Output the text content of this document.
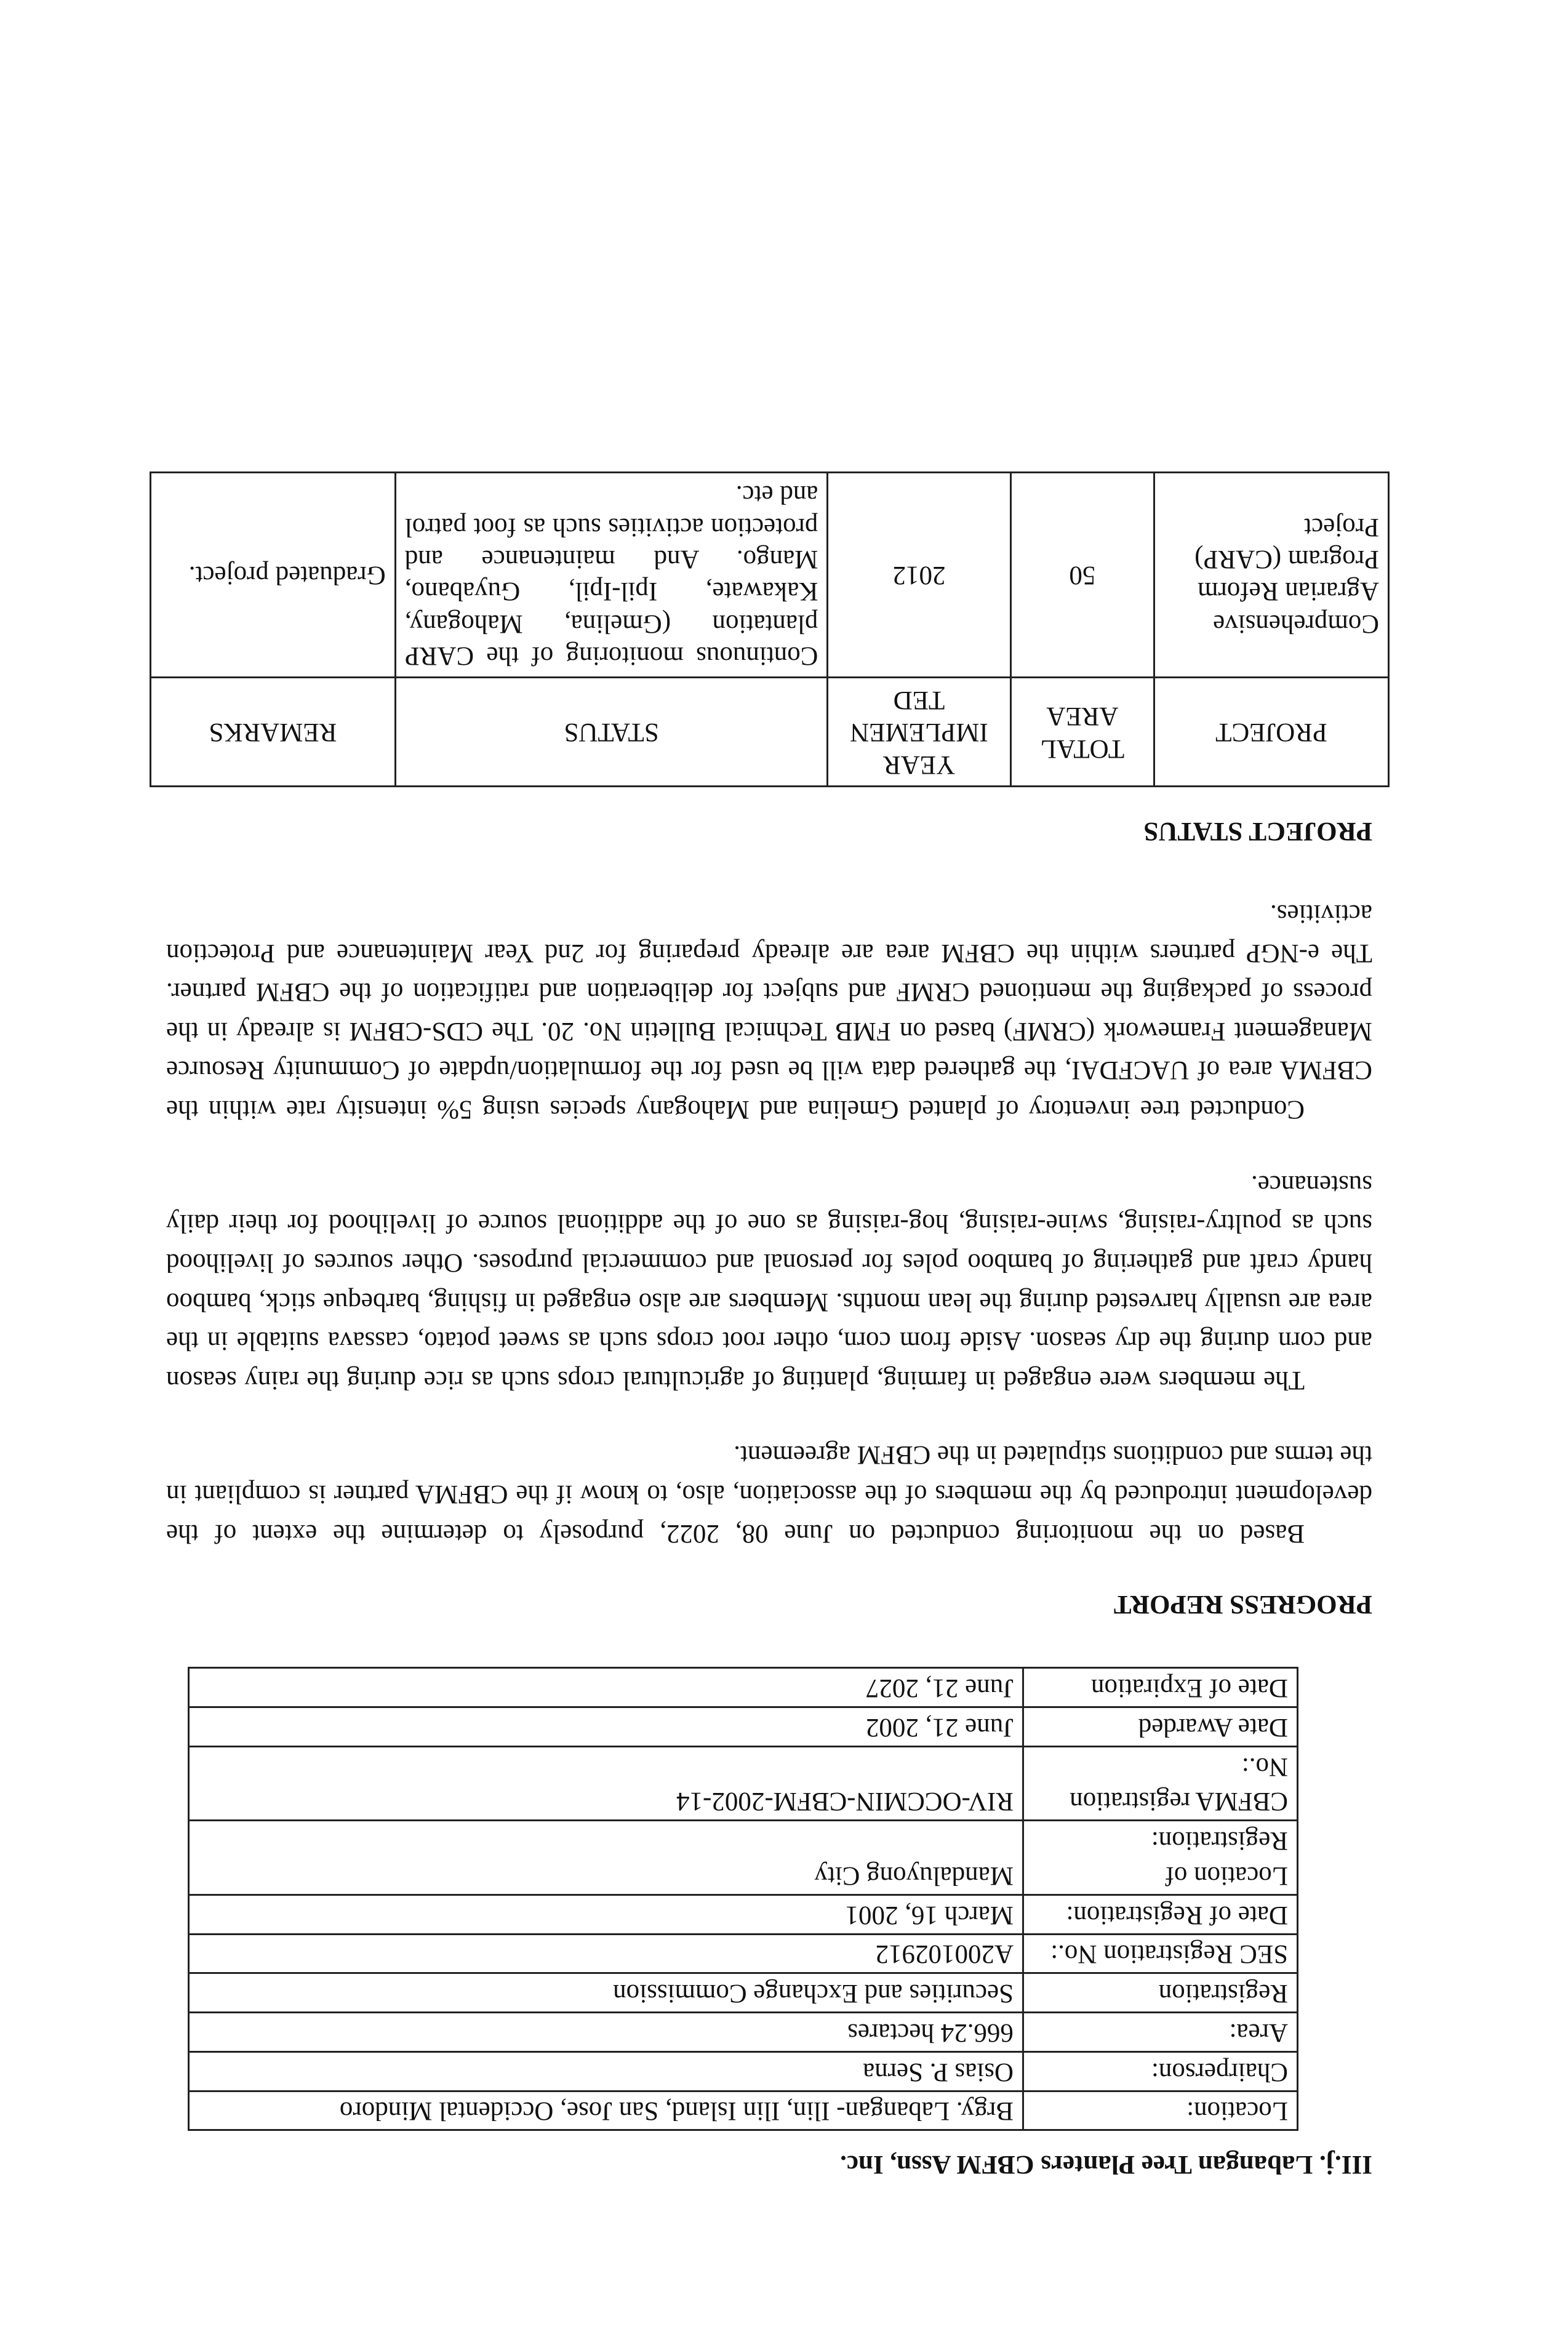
III.j. Labangan Tree Planters CBFM Assn, Inc.

Location:	Brgy. Labangan- Ilin, Ilin Island, San Jose, Occidental Mindoro
Chairperson:	Osias P. Serna
Area:	666.24 hectares
Registration	Securities and Exchange Commission
SEC Registration No.:	A200102912
Date of Registration:	March 16, 2001
Location of Registration:	Mandaluyong City
CBFMA registration No.:	RIV-OCCMIN-CBFM-2002-14
Date Awarded	June 21, 2002
Date of Expiration	June 21, 2027

PROGRESS REPORT

Based on the monitoring conducted on June 08, 2022, purposely to determine the extent of the development introduced by the members of the association, also, to know if the CBFMA partner is compliant in the terms and conditions stipulated in the CBFM agreement.

The members were engaged in farming, planting of agricultural crops such as rice during the rainy season and corn during the dry season. Aside from corn, other root crops such as sweet potato, cassava suitable in the area are usually harvested during the lean months. Members are also engaged in fishing, barbeque stick, bamboo handy craft and gathering of bamboo poles for personal and commercial purposes. Other sources of livelihood such as poultry-raising, swine-raising, hog-raising as one of the additional source of livelihood for their daily sustenance.

Conducted tree inventory of planted Gmelina and Mahogany species using 5% intensity rate within the CBFMA area of UACFDAI, the gathered data will be used for the formulation/update of Community Resource Management Framework (CRMF) based on FMB Technical Bulletin No. 20. The CDS-CBFM is already in the process of packaging the mentioned CRMF and subject for deliberation and ratification of the CBFM partner. The e-NGP partners within the CBFM area are already preparing for 2nd Year Maintenance and Protection activities.

PROJECT STATUS

PROJECT	TOTAL AREA	YEAR IMPLEMEN TED	STATUS	REMARKS
Comprehensive Agrarian Reform Program (CARP) Project	50	2012	Continuous monitoring of the CARP plantation (Gmelina, Mahogany, Kakawate, Ipil-Ipil, Guyabano, Mango. And maintenance and protection activities such as foot patrol and etc.	Graduated project.
